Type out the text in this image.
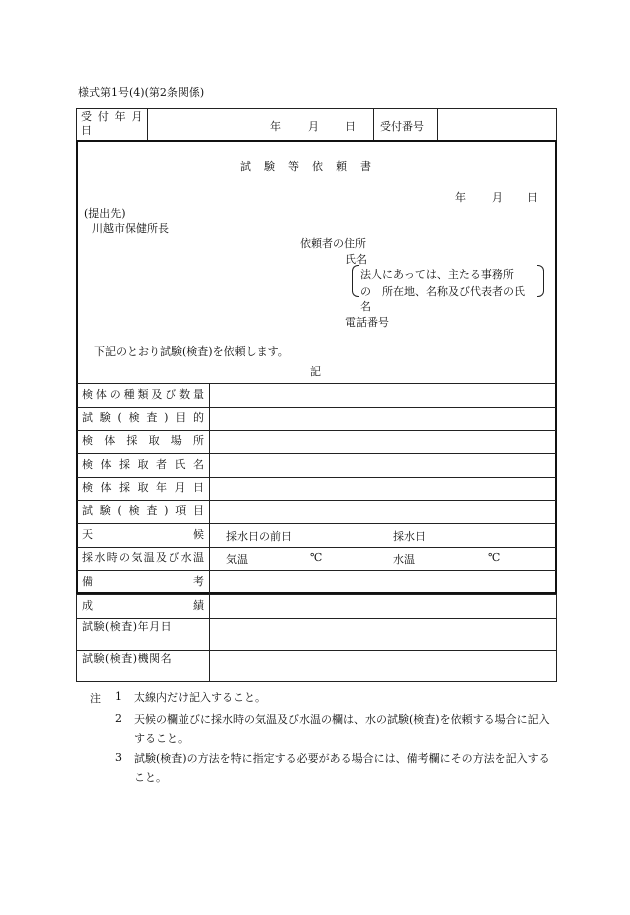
様式第1号(4)(第2条関係)
受 付 年 月 日	年 月 日 受付番号
試　験　等　依　頼　書
年 月 日
(提出先)
川越市保健所長
依頼者の住所
氏名
法人にあっては、主たる事務所
の　所在地、名称及び代表者の氏
名
電話番号
下記のとおり試験(検査)を依頼します。
記
検体の種類及び数量
試験(検査)目的
検体採取場所
検体採取者氏名
検体採取年月日
試験(検査)項目
天候 採水日の前日	採水日
採水時の気温及び水温 気温	℃	水温	℃
備考
成績
試験(検査)年月日
試験(検査)機関名
注 1 太線内だけ記入すること。
2 天候の欄並びに採水時の気温及び水温の欄は、水の試験(検査)を依頼する場合に記入すること。
3 試験(検査)の方法を特に指定する必要がある場合には、備考欄にその方法を記入すること。
